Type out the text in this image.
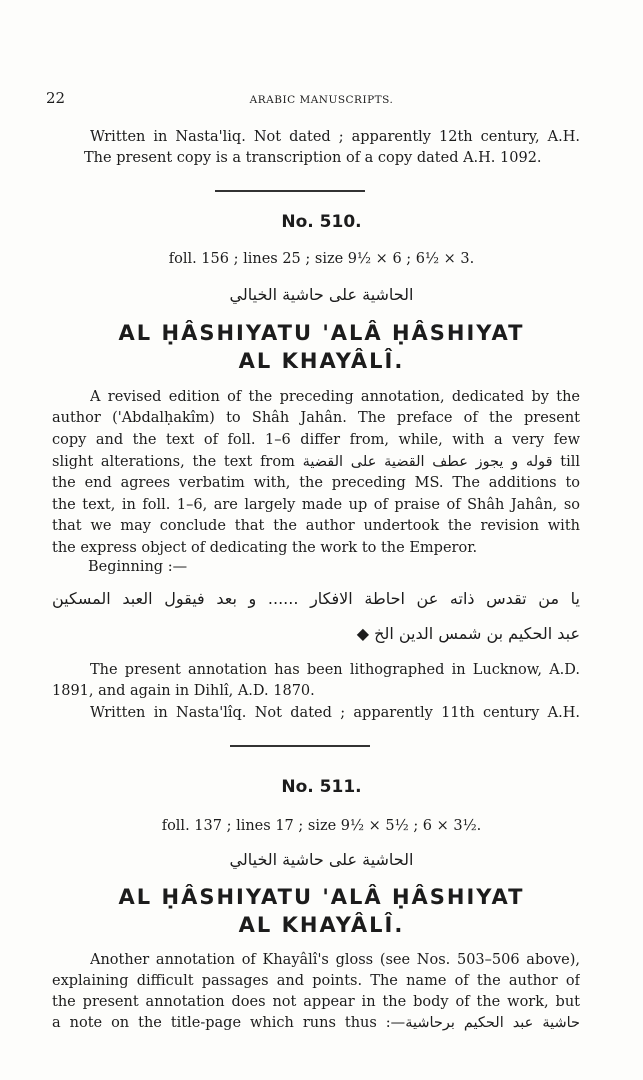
22	ARABIC MANUSCRIPTS.
Written in Nasta'liq. Not dated ; apparently 12th century, A.H.
The present copy is a transcription of a copy dated A.H. 1092.
No. 510.
foll. 156 ; lines 25 ; size 9½ × 6 ; 6½ × 3.
الحاشية على حاشية الخيالي
AL ḤÂSHIYATU 'ALÂ ḤÂSHIYAT
AL KHAYÂLÎ.
A revised edition of the preceding annotation, dedicated by the
author ('Abdalḥakîm) to Shâh Jahân. The preface of the present
copy and the text of foll. 1–6 differ from, while, with a very few
slight alterations, the text from قوله و يجوز عطف القضية على القضية till
the end agrees verbatim with, the preceding MS. The additions to
the text, in foll. 1–6, are largely made up of praise of Shâh Jahân, so
that we may conclude that the author undertook the revision with
the express object of dedicating the work to the Emperor.
Beginning :—
يا من تقدس ذاته عن احاطة الافكار ...... و بعد فيقول العبد المسكين
عبد الحكيم بن شمس الدين الخ ◆
The present annotation has been lithographed in Lucknow, A.D.
1891, and again in Dihlî, A.D. 1870.
Written in Nasta'lîq. Not dated ; apparently 11th century A.H.
No. 511.
foll. 137 ; lines 17 ; size 9½ × 5½ ; 6 × 3½.
الحاشية على حاشية الخيالي
AL ḤÂSHIYATU 'ALÂ ḤÂSHIYAT
AL KHAYÂLÎ.
Another annotation of Khayâlî's gloss (see Nos. 503–506 above),
explaining difficult passages and points. The name of the author of
the present annotation does not appear in the body of the work, but
a note on the title-page which runs thus :—حاشية عبد الحكيم برحاشية
